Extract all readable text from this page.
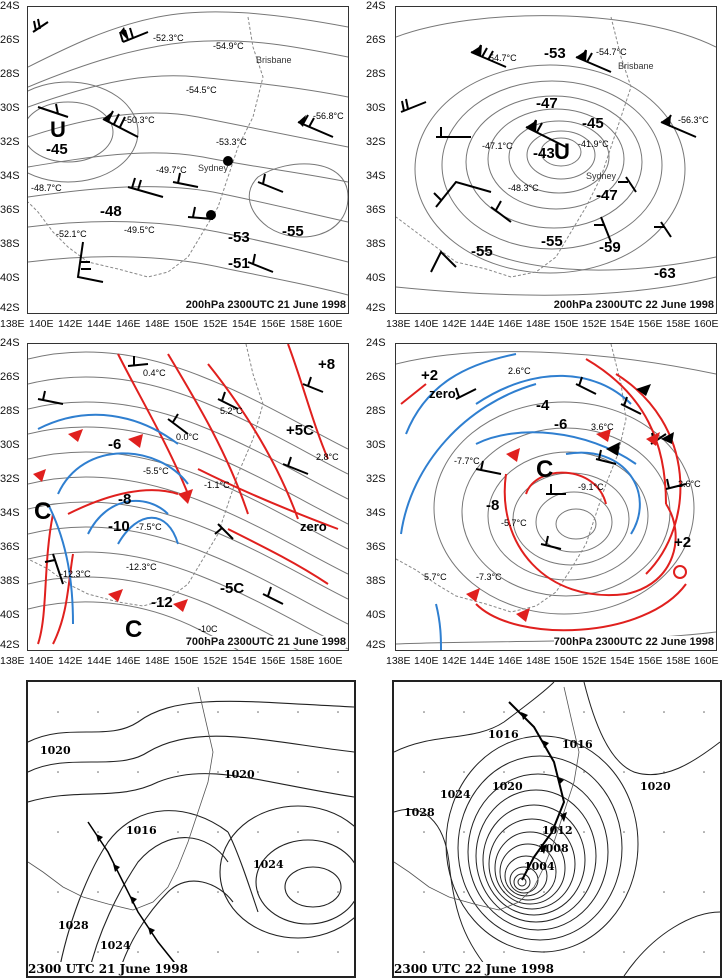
U
-45
-48
-53 -55
-51
-52.3°C
-54.9°C
-54.5°C
-50.3°C
-53.3°C
-56.8°C
-48.7°C
-49.7°C
-49.5°C
-52.1°C
Brisbane
Sydney
200hPa 2300UTC 21 June 1998
-53
-47
-45
-43 U
-47
-55
-55 -59
-63
-54.7°C
-54.7°C
-56.3°C
-47.1°C	-41.9°C
-48.3°C
Brisbane
Sydney
200hPa 2300UTC 22 June 1998
C
C
+8
+5C
-6
-8
-10
-12
-5C
zero
-10C
0.4°C
5.2°C
0.0°C
-5.5°C
-1.1°C
2.8°C
-7.5°C
-12.3°C
-12.3°C
700hPa 2300UTC 21 June 1998
C
+2
zero
-4
-6
-8
+2
2.6°C
3.6°C
-7.7°C
-9.1°C
-5.7°C
2.6°C
5.7°C	-7.3°C
700hPa 2300UTC 22 June 1998
24S
26S
28S
30S
32S
34S
36S
38S
40S
42S
24S
26S
28S
30S
32S
34S
36S
38S
40S
42S
138E 140E 142E 144E 146E 148E 150E 152E 154E 156E 158E 160E	138E 140E 142E 144E 146E 148E 150E 152E 154E 156E 158E 160E
24S
26S
28S
30S
32S
34S
36S
38S
40S
42S
24S
26S
28S
30S
32S
34S
36S
38S
40S
42S
138E 140E 142E 144E 146E 148E 150E 152E 154E 156E 158E 160E	138E 140E 142E 144E 146E 148E 150E 152E 154E 156E 158E 160E
1020
1020
1016
1024
1028
1024
2300 UTC 21 June 1998
1016
1016
1020	1020
1024
1028
1012
1008
1004
2300 UTC 22 June 1998
